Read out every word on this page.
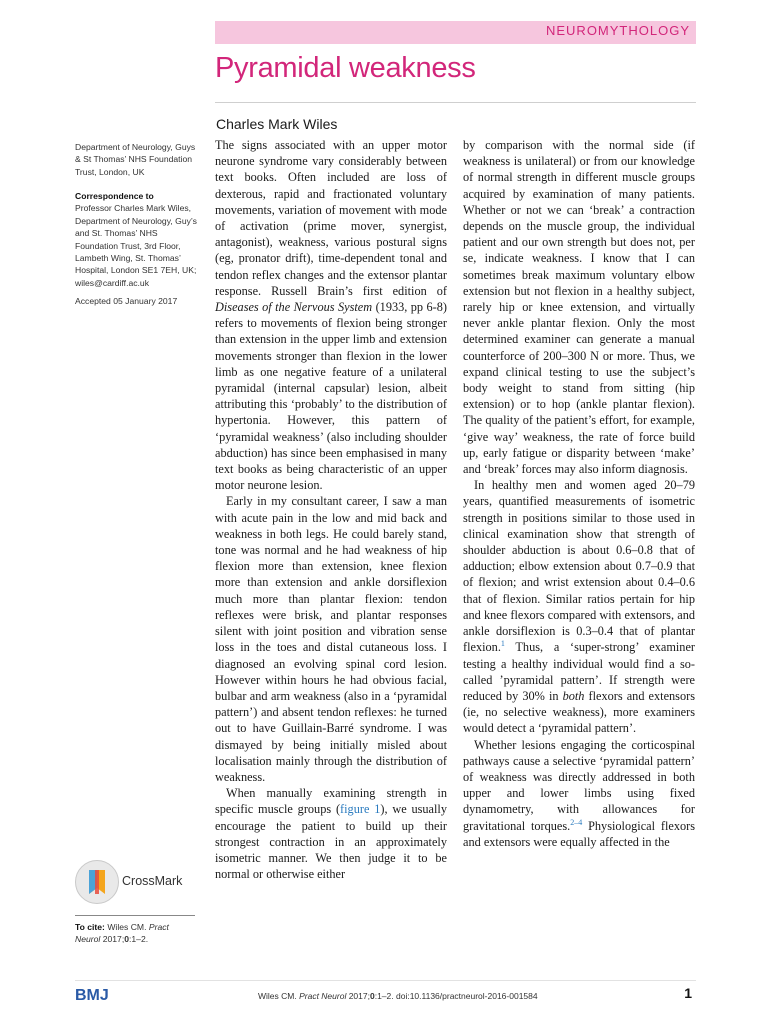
NEUROMYTHOLOGY
Pyramidal weakness
Charles Mark Wiles
Department of Neurology, Guys & St Thomas’ NHS Foundation Trust, London, UK
Correspondence to
Professor Charles Mark Wiles, Department of Neurology, Guy’s and St. Thomas’ NHS Foundation Trust, 3rd Floor, Lambeth Wing, St. Thomas’ Hospital, London SE1 7EH, UK; wiles@cardiff.ac.uk
Accepted 05 January 2017
CrossMark
To cite: Wiles CM. Pract Neurol 2017;0:1–2.

The signs associated with an upper motor neurone syndrome vary considerably between text books. Often included are loss of dexterous, rapid and fractionated voluntary movements, variation of movement with mode of activation (prime mover, synergist, antagonist), weakness, various postural signs (eg, pronator drift), time-dependent tonal and tendon reflex changes and the extensor plantar response. Russell Brain’s first edition of Diseases of the Nervous System (1933, pp 6-8) refers to movements of flexion being stronger than extension in the upper limb and extension movements stronger than flexion in the lower limb as one negative feature of a unilateral pyramidal (internal capsular) lesion, albeit attributing this ‘probably’ to the distribution of hypertonia. However, this pattern of ‘pyramidal weakness’ (also including shoulder abduction) has since been emphasised in many text books as being characteristic of an upper motor neurone lesion.

Early in my consultant career, I saw a man with acute pain in the low and mid back and weakness in both legs. He could barely stand, tone was normal and he had weakness of hip flexion more than extension, knee flexion more than extension and ankle dorsiflexion much more than plantar flexion: tendon reflexes were brisk, and plantar responses silent with joint position and vibration sense loss in the toes and distal cutaneous loss. I diagnosed an evolving spinal cord lesion. However within hours he had obvious facial, bulbar and arm weakness (also in a ‘pyramidal pattern’) and absent tendon reflexes: he turned out to have Guillain-Barré syndrome. I was dismayed by being initially misled about localisation mainly through the distribution of weakness.

When manually examining strength in specific muscle groups (figure 1), we usually encourage the patient to build up their strongest contraction in an approximately isometric manner. We then judge it to be normal or otherwise either

by comparison with the normal side (if weakness is unilateral) or from our knowledge of normal strength in different muscle groups acquired by examination of many patients. Whether or not we can ‘break’ a contraction depends on the muscle group, the individual patient and our own strength but does not, per se, indicate weakness. I know that I can sometimes break maximum voluntary elbow extension but not flexion in a healthy subject, rarely hip or knee extension, and virtually never ankle plantar flexion. Only the most determined examiner can generate a manual counterforce of 200–300 N or more. Thus, we expand clinical testing to use the subject’s body weight to stand from sitting (hip extension) or to hop (ankle plantar flexion). The quality of the patient’s effort, for example, ‘give way’ weakness, the rate of force build up, early fatigue or disparity between ‘make’ and ‘break’ forces may also inform diagnosis.

In healthy men and women aged 20–79 years, quantified measurements of isometric strength in positions similar to those used in clinical examination show that strength of shoulder abduction is about 0.6–0.8 that of adduction; elbow extension about 0.7–0.9 that of flexion; and wrist extension about 0.4–0.6 that of flexion. Similar ratios pertain for hip and knee flexors compared with extensors, and ankle dorsiflexion is 0.3–0.4 that of plantar flexion.$^1$ Thus, a ‘super-strong’ examiner testing a healthy individual would find a so-called ’pyramidal pattern’. If strength were reduced by 30% in both flexors and extensors (ie, no selective weakness), more examiners would detect a ‘pyramidal pattern’.

Whether lesions engaging the corticospinal pathways cause a selective ‘pyramidal pattern’ of weakness was directly addressed in both upper and lower limbs using fixed dynamometry, with allowances for gravitational torques.$^{2-4}$ Physiological flexors and extensors were equally affected in the

BMJ	Wiles CM. Pract Neurol 2017;0:1–2. doi:10.1136/practneurol-2016-001584	1
